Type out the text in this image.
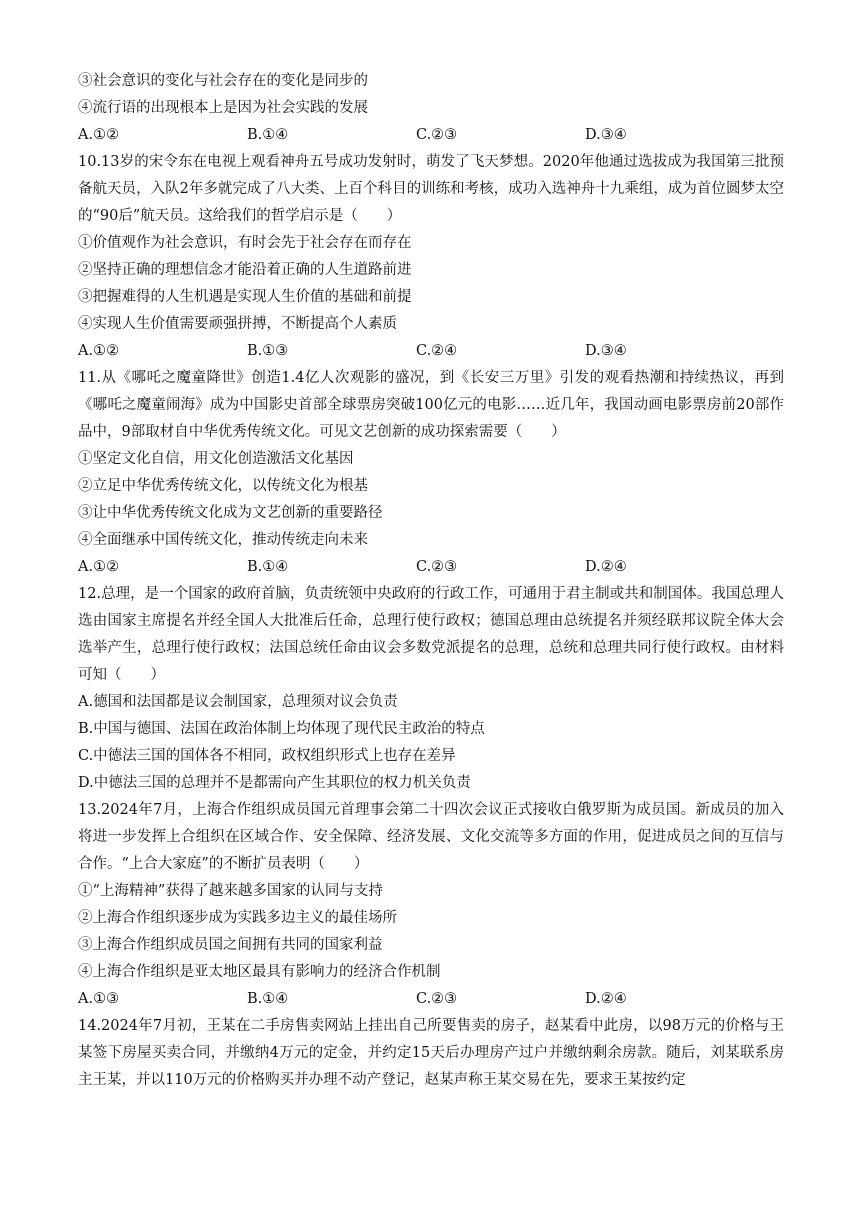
③社会意识的变化与社会存在的变化是同步的
④流行语的出现根本上是因为社会实践的发展
A.①②	B.①④	C.②③	D.③④
10.13岁的宋令东在电视上观看神舟五号成功发射时，萌发了飞天梦想。2020年他通过选拔成为我国第三批预备航天员，入队2年多就完成了八大类、上百个科目的训练和考核，成功入选神舟十九乘组，成为首位圆梦太空的“90后”航天员。这给我们的哲学启示是（　　）
①价值观作为社会意识，有时会先于社会存在而存在
②坚持正确的理想信念才能沿着正确的人生道路前进
③把握难得的人生机遇是实现人生价值的基础和前提
④实现人生价值需要顽强拼搏，不断提高个人素质
A.①②	B.①③	C.②④	D.③④
11.从《哪吒之魔童降世》创造1.4亿人次观影的盛况，到《长安三万里》引发的观看热潮和持续热议，再到《哪吒之魔童闹海》成为中国影史首部全球票房突破100亿元的电影……近几年，我国动画电影票房前20部作品中，9部取材自中华优秀传统文化。可见文艺创新的成功探索需要（　　）
①坚定文化自信，用文化创造激活文化基因
②立足中华优秀传统文化，以传统文化为根基
③让中华优秀传统文化成为文艺创新的重要路径
④全面继承中国传统文化，推动传统走向未来
A.①②	B.①④	C.②③	D.②④
12.总理，是一个国家的政府首脑，负责统领中央政府的行政工作，可通用于君主制或共和制国体。我国总理人选由国家主席提名并经全国人大批准后任命，总理行使行政权；德国总理由总统提名并须经联邦议院全体大会选举产生，总理行使行政权；法国总统任命由议会多数党派提名的总理，总统和总理共同行使行政权。由材料可知（　　）
A.德国和法国都是议会制国家，总理须对议会负责
B.中国与德国、法国在政治体制上均体现了现代民主政治的特点
C.中德法三国的国体各不相同，政权组织形式上也存在差异
D.中德法三国的总理并不是都需向产生其职位的权力机关负责
13.2024年7月，上海合作组织成员国元首理事会第二十四次会议正式接收白俄罗斯为成员国。新成员的加入将进一步发挥上合组织在区域合作、安全保障、经济发展、文化交流等多方面的作用，促进成员之间的互信与合作。“上合大家庭”的不断扩员表明（　　）
①“上海精神”获得了越来越多国家的认同与支持
②上海合作组织逐步成为实践多边主义的最佳场所
③上海合作组织成员国之间拥有共同的国家利益
④上海合作组织是亚太地区最具有影响力的经济合作机制
A.①③	B.①④	C.②③	D.②④
14.2024年7月初，王某在二手房售卖网站上挂出自己所要售卖的房子，赵某看中此房，以98万元的价格与王某签下房屋买卖合同，并缴纳4万元的定金，并约定15天后办理房产过户并缴纳剩余房款。随后，刘某联系房主王某，并以110万元的价格购买并办理不动产登记，赵某声称王某交易在先，要求王某按约定
